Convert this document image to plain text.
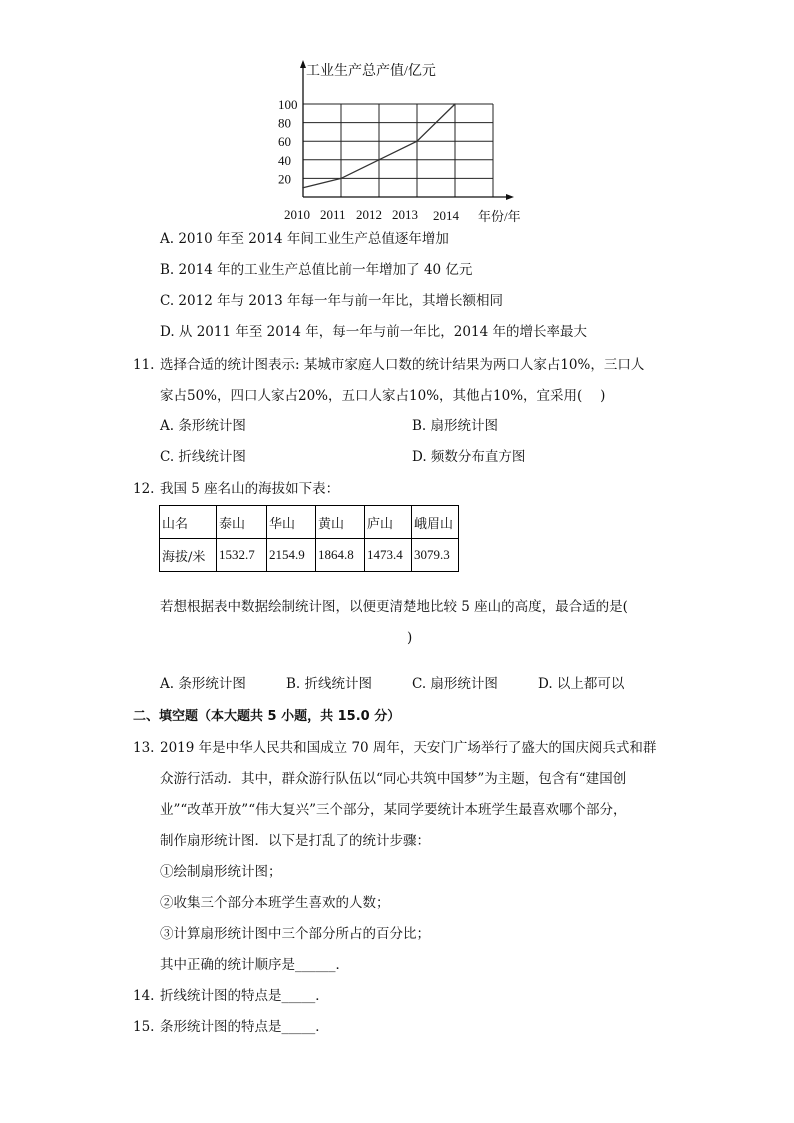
20
40
60
80
100
2010 2011 2012 2013 2014
工业生产总产值/亿元
年份/年
A. 2010 年至 2014 年间工业生产总值逐年增加
B. 2014 年的工业生产总值比前一年增加了 40 亿元
C. 2012 年与 2013 年每一年与前一年比，其增长额相同
D. 从 2011 年至 2014 年，每一年与前一年比，2014 年的增长率最大
11. 选择合适的统计图表示: 某城市家庭人口数的统计结果为两口人家占10%，三口人
家占50%，四口人家占20%，五口人家占10%，其他占10%，宜采用(　 )
A. 条形统计图	B. 扇形统计图
C. 折线统计图	D. 频数分布直方图
12. 我国 5 座名山的海拔如下表：
山名	泰山	华山	黄山	庐山	峨眉山
海拔/米	1532.7	2154.9	1864.8	1473.4	3079.3
若想根据表中数据绘制统计图，以便更清楚地比较 5 座山的高度，最合适的是(
)
A. 条形统计图	B. 折线统计图	C. 扇形统计图	D. 以上都可以
二、填空题（本大题共 5 小题，共 15.0 分）
13. 2019 年是中华人民共和国成立 70 周年，天安门广场举行了盛大的国庆阅兵式和群
众游行活动．其中，群众游行队伍以“同心共筑中国梦”为主题，包含有“建国创
业”“改革开放”“伟大复兴”三个部分，某同学要统计本班学生最喜欢哪个部分，
制作扇形统计图．以下是打乱了的统计步骤：
①绘制扇形统计图；
②收集三个部分本班学生喜欢的人数；
③计算扇形统计图中三个部分所占的百分比；
其中正确的统计顺序是______．
14. 折线统计图的特点是_____．
15. 条形统计图的特点是_____．
